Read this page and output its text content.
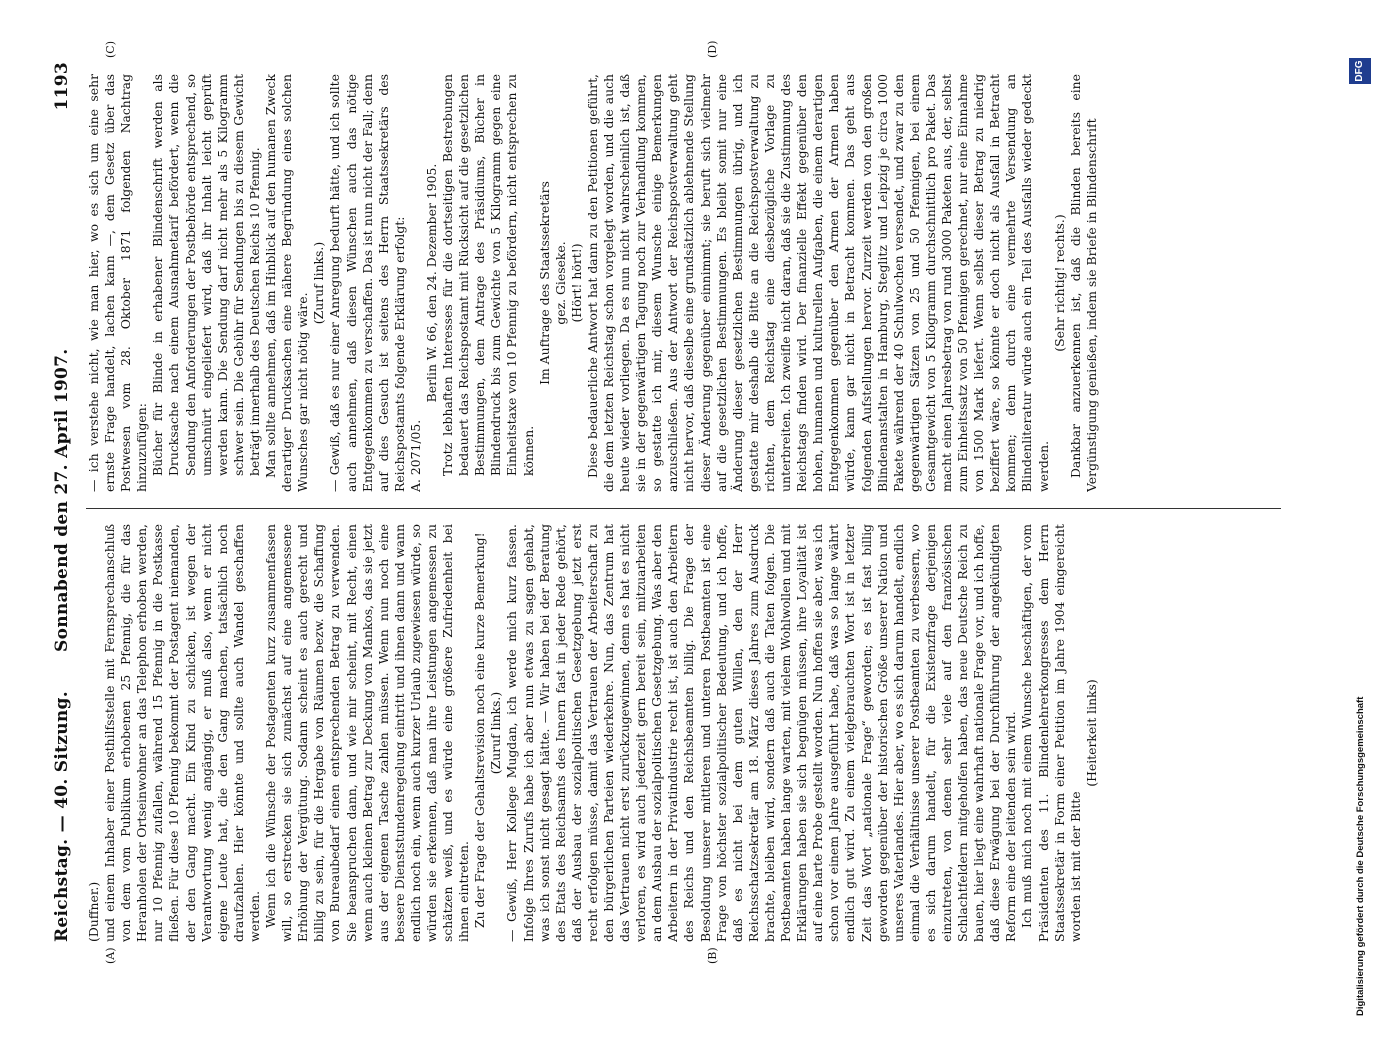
Reichstag. — 40. Sitzung.
Sonnabend den 27. April 1907.
1193
(A)	(B)
(C)	(D)

(Duffner.) und einem Inhaber einer Posthilfsstelle mit Fernsprechanschluß von dem vom Publikum erhobenen 25 Pfennig, die für das Heranholen der Ortseinwohner an das Telephon erhoben werden, nur 10 Pfennig zufallen, während 15 Pfennig in die Postkasse fließen. Für diese 10 Pfennig bekommt der Postagent niemanden, der den Gang macht. Ein Kind zu schicken, ist wegen der Verantwortung wenig angängig, er muß also, wenn er nicht eigene Leute hat, die den Gang machen, tatsächlich noch draufzahlen. Hier könnte und sollte auch Wandel geschaffen werden. Wenn ich die Wünsche der Postagenten kurz zusammenfassen will, so erstrecken sie sich zunächst auf eine angemessene Erhöhung der Vergütung. Sodann scheint es auch gerecht und billig zu sein, für die Hergabe von Räumen bezw. die Schaffung von Bureaubedarf einen entsprechenden Betrag zu verwenden. Sie beanspruchen dann, und wie mir scheint, mit Recht, einen wenn auch kleinen Betrag zur Deckung von Mankos, das sie jetzt aus der eigenen Tasche zahlen müssen. Wenn nun noch eine bessere Dienststundenregelung eintritt und ihnen dann und wann endlich noch ein, wenn auch kurzer Urlaub zugewiesen würde, so würden sie erkennen, daß man ihre Leistungen angemessen zu schätzen weiß, und es würde eine größere Zufriedenheit bei ihnen eintreten. Zu der Frage der Gehaltsrevision noch eine kurze Bemerkung! (Zuruf links.) — Gewiß, Herr Kollege Mugdan, ich werde mich kurz fassen. Infolge Ihres Zurufs habe ich aber nun etwas zu sagen gehabt, was ich sonst nicht gesagt hätte. — Wir haben bei der Beratung des Etats des Reichsamts des Innern fast in jeder Rede gehört, daß der Ausbau der sozialpolitischen Gesetzgebung jetzt erst recht erfolgen müsse, damit das Vertrauen der Arbeiterschaft zu den bürgerlichen Parteien wiederkehre. Nun, das Zentrum hat das Vertrauen nicht erst zurückzugewinnen, denn es hat es nicht verloren, es wird auch jederzeit gern bereit sein, mitzuarbeiten an dem Ausbau der sozialpolitischen Gesetzgebung. Was aber den Arbeitern in der Privatindustrie recht ist, ist auch den Arbeitern des Reichs und den Reichsbeamten billig. Die Frage der Besoldung unserer mittleren und unteren Postbeamten ist eine Frage von höchster sozialpolitischer Bedeutung, und ich hoffe, daß es nicht bei dem guten Willen, den der Herr Reichsschatzsekretär am 18. März dieses Jahres zum Ausdruck brachte, bleiben wird, sondern daß auch die Taten folgen. Die Postbeamten haben lange warten, mit vielem Wohlwollen und mit Erklärungen haben sie sich begnügen müssen, ihre Loyalität ist auf eine harte Probe gestellt worden. Nun hoffen sie aber, was ich schon vor einem Jahre ausgeführt habe, daß was so lange währt endlich gut wird. Zu einem vielgebrauchten Wort ist in letzter Zeit das Wort „nationale Frage“ geworden; es ist fast billig geworden gegenüber der historischen Größe unserer Nation und unseres Vaterlandes. Hier aber, wo es sich darum handelt, endlich einmal die Verhältnisse unserer Postbeamten zu verbessern, wo es sich darum handelt, für die Existenzfrage derjenigen einzutreten, von denen sehr viele auf den französischen Schlachtfeldern mitgeholfen haben, das neue Deutsche Reich zu bauen, hier liegt eine wahrhaft nationale Frage vor, und ich hoffe, daß diese Erwägung bei der Durchführung der angekündigten Reform eine der leitenden sein wird. Ich muß mich noch mit einem Wunsche beschäftigen, der vom Präsidenten des 11. Blindenlehrerkongresses dem Herrn Staatssekretär in Form einer Petition im Jahre 1904 eingereicht worden ist mit der Bitte

(Heiterkeit links)

— ich verstehe nicht, wie man hier, wo es sich um eine sehr ernste Frage handelt, lachen kann —, dem Gesetz über das Postwesen vom 28. Oktober 1871 folgenden Nachtrag hinzuzufügen: Bücher für Blinde in erhabener Blindenschrift werden als Drucksache nach einem Ausnahmetarif befördert, wenn die Sendung den Anforderungen der Postbehörde entsprechend, so umschnürt eingeliefert wird, daß ihr Inhalt leicht geprüft werden kann. Die Sendung darf nicht mehr als 5 Kilogramm schwer sein. Die Gebühr für Sendungen bis zu diesem Gewicht beträgt innerhalb des Deutschen Reichs 10 Pfennig. Man sollte annehmen, daß im Hinblick auf den humanen Zweck derartiger Drucksachen eine nähere Begründung eines solchen Wunsches gar nicht nötig wäre.

(Zuruf links.) — Gewiß, daß es nur einer Anregung bedurft hätte, und ich sollte auch annehmen, daß diesen Wünschen auch das nötige Entgegenkommen zu verschaffen. Das ist nun nicht der Fall; denn auf dies Gesuch ist seitens des Herrn Staatssekretärs des Reichspostamts folgende Erklärung erfolgt: A. 2071/05.

Berlin W. 66, den 24. Dezember 1905. Trotz lebhaften Interesses für die dortseitigen Bestrebungen bedauert das Reichspostamt mit Rücksicht auf die gesetzlichen Bestimmungen, dem Antrage des Präsidiums, Bücher in Blindendruck bis zum Gewichte von 5 Kilogramm gegen eine Einheitstaxe von 10 Pfennig zu befördern, nicht entsprechen zu können.

Im Auftrage des Staatssekretärs gez. Gieseke. (Hört! hört!) Diese bedauerliche Antwort hat dann zu den Petitionen geführt, die dem letzten Reichstag schon vorgelegt worden, und die auch heute wieder vorliegen. Da es nun nicht wahrscheinlich ist, daß sie in der gegenwärtigen Tagung noch zur Verhandlung kommen, so gestatte ich mir, diesem Wunsche einige Bemerkungen anzuschließen. Aus der Antwort der Reichspostverwaltung geht nicht hervor, daß dieselbe eine grundsätzlich ablehnende Stellung dieser Änderung gegenüber einnimmt; sie beruft sich vielmehr auf die gesetzlichen Bestimmungen. Es bleibt somit nur eine Änderung dieser gesetzlichen Bestimmungen übrig, und ich gestatte mir deshalb die Bitte an die Reichspostverwaltung zu richten, dem Reichstag eine diesbezügliche Vorlage zu unterbreiten. Ich zweifle nicht daran, daß sie die Zustimmung des Reichstags finden wird. Der finanzielle Effekt gegenüber den hohen, humanen und kulturellen Aufgaben, die einem derartigen Entgegenkommen gegenüber den Armen der Armen haben würde, kann gar nicht in Betracht kommen. Das geht aus folgenden Aufstellungen hervor. Zurzeit werden von den großen Blindenanstalten in Hamburg, Steglitz und Leipzig je circa 1000 Pakete während der 40 Schulwochen versendet, und zwar zu den gegenwärtigen Sätzen von 25 und 50 Pfennigen, bei einem Gesamtgewicht von 5 Kilogramm durchschnittlich pro Paket. Das macht einen Jahresbetrag von rund 3000 Paketen aus, der, selbst zum Einheitssatz von 50 Pfennigen gerechnet, nur eine Einnahme von 1500 Mark liefert. Wenn selbst dieser Betrag zu niedrig beziffert wäre, so könnte er doch nicht als Ausfall in Betracht kommen; denn durch eine vermehrte Versendung an Blindenliteratur würde auch ein Teil des Ausfalls wieder gedeckt werden.

(Sehr richtig! rechts.) Dankbar anzuerkennen ist, daß die Blinden bereits eine Vergünstigung genießen, indem sie Briefe in Blindenschrift

Digitalisierung gefördert durch die Deutsche Forschungsgemeinschaft
DFG
